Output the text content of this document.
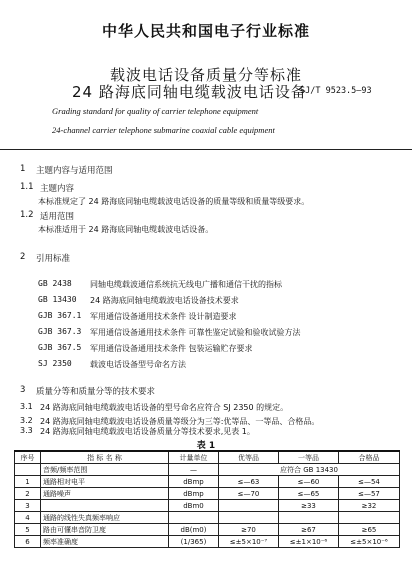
中华人民共和国电子行业标准
载波电话设备质量分等标准
24 路海底同轴电缆载波电话设备
SJ/T 9523.5—93
Grading standard for quality of carrier telephone equipment
24-channel carrier telephone submarine coaxial cable equipment
1 主题内容与适用范围
1.1 主题内容
本标准规定了 24 路海底同轴电缆载波电话设备的质量等级和质量等级要求。
1.2 适用范围
本标准适用于 24 路海底同轴电缆载波电话设备。
2 引用标准
GB 2438 同轴电缆载波通信系统抗无线电广播和通信干扰的指标
GB 13430 24 路海底同轴电缆载波电话设备技术要求
GJB 367.1 军用通信设备通用技术条件 设计制造要求
GJB 367.3 军用通信设备通用技术条件 可靠性鉴定试验和验收试验方法
GJB 367.5 军用通信设备通用技术条件 包装运输贮存要求
SJ 2350 载波电话设备型号命名方法
3 质量分等和质量分等的技术要求
3.1 24 路海底同轴电缆载波电话设备的型号命名应符合 SJ 2350 的规定。
3.2 24 路海底同轴电缆载波电话设备质量等级分为三等:优等品、一等品、合格品。
3.3 24 路海底同轴电缆载波电话设备质量分等技术要求,见表 1。
表 1
序号	指 标 名 称	计量单位	优等品	一等品	合格品
	音频/频率范围	—	应符合 GB 13430		
1	通路相对电平	dBmp	≤—63	≤—60	≤—54
2	通路噪声	dBmp	≤—70	≤—65	≤—57
3		dBm0		≥33	≥32
4	通路的线性失真频率响应				
5	路由可懂串音防卫度	dB(m0)	≥70	≥67	≥65
6	频率准确度	(1/365)	≤±5×10⁻⁷	≤±1×10⁻⁶	≤±5×10⁻⁶
